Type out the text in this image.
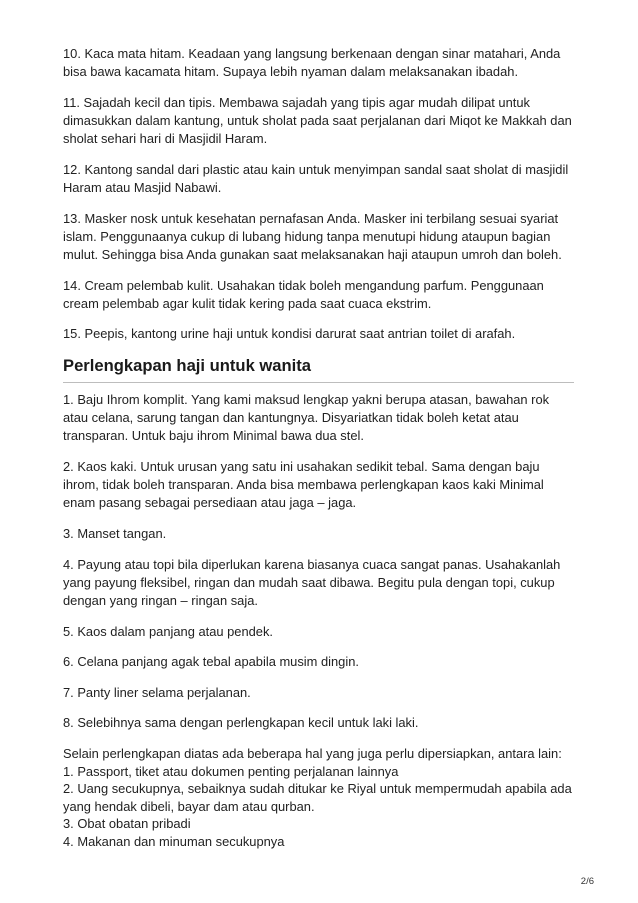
10. Kaca mata hitam. Keadaan yang langsung berkenaan dengan sinar matahari, Anda bisa bawa kacamata hitam. Supaya lebih nyaman dalam melaksanakan ibadah.

11. Sajadah kecil dan tipis. Membawa sajadah yang tipis agar mudah dilipat untuk dimasukkan dalam kantung, untuk sholat pada saat perjalanan dari Miqot ke Makkah dan sholat sehari hari di Masjidil Haram.

12. Kantong sandal dari plastic atau kain untuk menyimpan sandal saat sholat di masjidil Haram atau Masjid Nabawi.

13. Masker nosk untuk kesehatan pernafasan Anda. Masker ini terbilang sesuai syariat islam. Penggunaanya cukup di lubang hidung tanpa menutupi hidung ataupun bagian mulut. Sehingga bisa Anda gunakan saat melaksanakan haji ataupun umroh dan boleh.

14. Cream pelembab kulit. Usahakan tidak boleh mengandung parfum. Penggunaan cream pelembab agar kulit tidak kering pada saat cuaca ekstrim.

15. Peepis, kantong urine haji untuk kondisi darurat saat antrian toilet di arafah.

Perlengkapan haji untuk wanita

1. Baju Ihrom komplit. Yang kami maksud lengkap yakni berupa atasan, bawahan rok atau celana, sarung tangan dan kantungnya. Disyariatkan tidak boleh ketat atau transparan. Untuk baju ihrom Minimal bawa dua stel.

2. Kaos kaki. Untuk urusan yang satu ini usahakan sedikit tebal. Sama dengan baju ihrom, tidak boleh transparan. Anda bisa membawa perlengkapan kaos kaki Minimal enam pasang sebagai persediaan atau jaga – jaga.

3. Manset tangan.

4. Payung atau topi bila diperlukan karena biasanya cuaca sangat panas. Usahakanlah yang payung fleksibel, ringan dan mudah saat dibawa. Begitu pula dengan topi, cukup dengan yang ringan – ringan saja.

5. Kaos dalam panjang atau pendek.

6. Celana panjang agak tebal apabila musim dingin.

7. Panty liner selama perjalanan.

8. Selebihnya sama dengan perlengkapan kecil untuk laki laki.

Selain perlengkapan diatas ada beberapa hal yang juga perlu dipersiapkan, antara lain:
1. Passport, tiket atau dokumen penting perjalanan lainnya
2. Uang secukupnya, sebaiknya sudah ditukar ke Riyal untuk mempermudah apabila ada yang hendak dibeli, bayar dam atau qurban.
3. Obat obatan pribadi
4. Makanan dan minuman secukupnya
2/6
